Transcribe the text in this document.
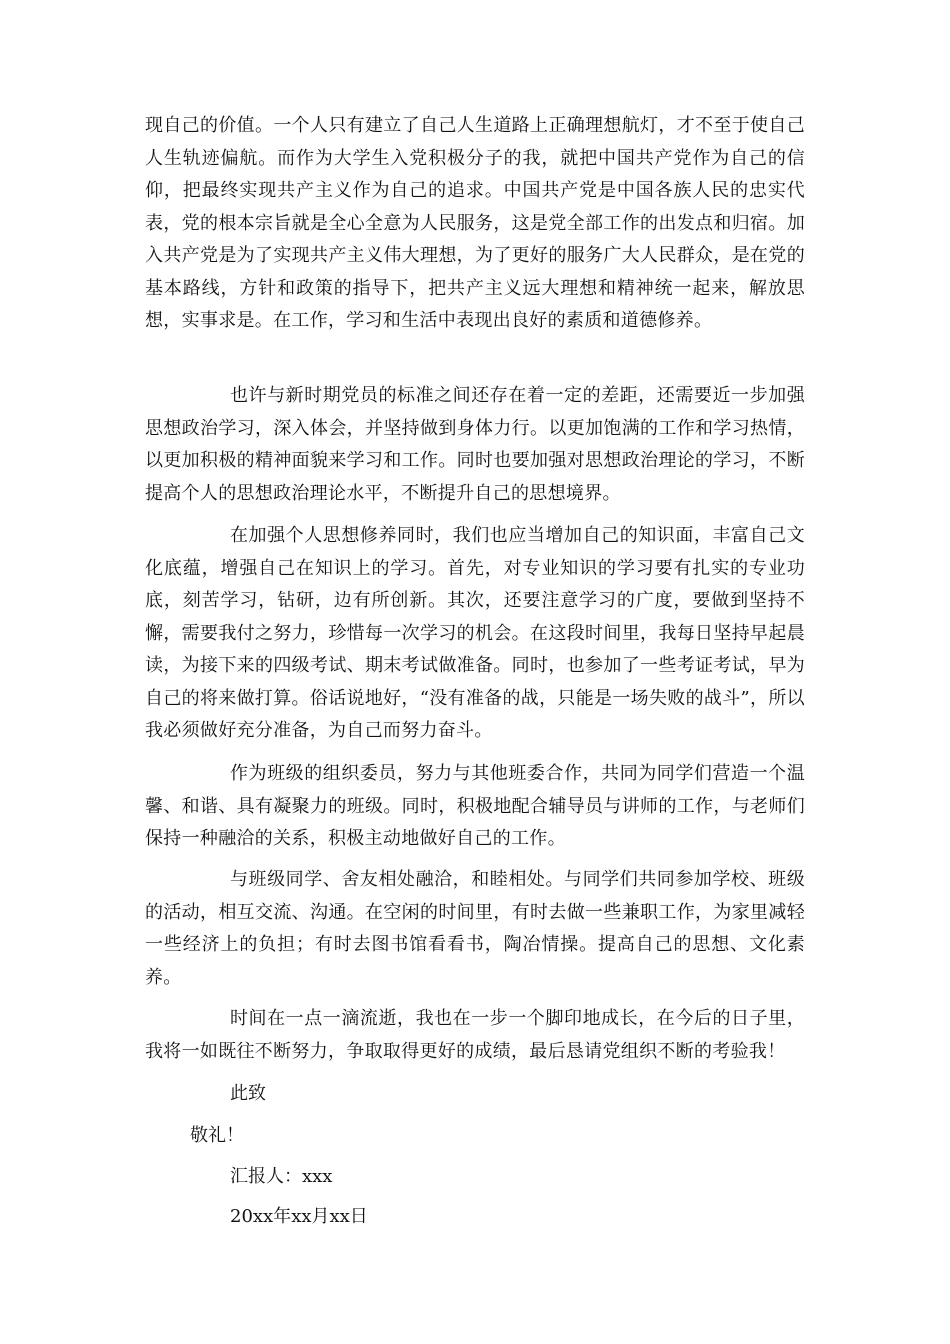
现自己的价值。一个人只有建立了自己人生道路上正确理想航灯，才不至于使自己人生轨迹偏航。而作为大学生入党积极分子的我，就把中国共产党作为自己的信仰，把最终实现共产主义作为自己的追求。中国共产党是中国各族人民的忠实代表，党的根本宗旨就是全心全意为人民服务，这是党全部工作的出发点和归宿。加入共产党是为了实现共产主义伟大理想，为了更好的服务广大人民群众，是在党的基本路线，方针和政策的指导下，把共产主义远大理想和精神统一起来，解放思想，实事求是。在工作，学习和生活中表现出良好的素质和道德修养。

也许与新时期党员的标准之间还存在着一定的差距，还需要近一步加强思想政治学习，深入体会，并坚持做到身体力行。以更加饱满的工作和学习热情，以更加积极的精神面貌来学习和工作。同时也要加强对思想政治理论的学习，不断提高个人的思想政治理论水平，不断提升自己的思想境界。

在加强个人思想修养同时，我们也应当增加自己的知识面，丰富自己文化底蕴，增强自己在知识上的学习。首先，对专业知识的学习要有扎实的专业功底，刻苦学习，钻研，边有所创新。其次，还要注意学习的广度，要做到坚持不懈，需要我付之努力，珍惜每一次学习的机会。在这段时间里，我每日坚持早起晨读，为接下来的四级考试、期末考试做准备。同时，也参加了一些考证考试，早为自己的将来做打算。俗话说地好，“没有准备的战，只能是一场失败的战斗”，所以我必须做好充分准备，为自己而努力奋斗。

作为班级的组织委员，努力与其他班委合作，共同为同学们营造一个温馨、和谐、具有凝聚力的班级。同时，积极地配合辅导员与讲师的工作，与老师们保持一种融洽的关系，积极主动地做好自己的工作。

与班级同学、舍友相处融洽，和睦相处。与同学们共同参加学校、班级的活动，相互交流、沟通。在空闲的时间里，有时去做一些兼职工作，为家里减轻一些经济上的负担；有时去图书馆看看书，陶冶情操。提高自己的思想、文化素养。

时间在一点一滴流逝，我也在一步一个脚印地成长，在今后的日子里，我将一如既往不断努力，争取取得更好的成绩，最后恳请党组织不断的考验我！

此致

敬礼！

汇报人：xxx

20xx年xx月xx日
